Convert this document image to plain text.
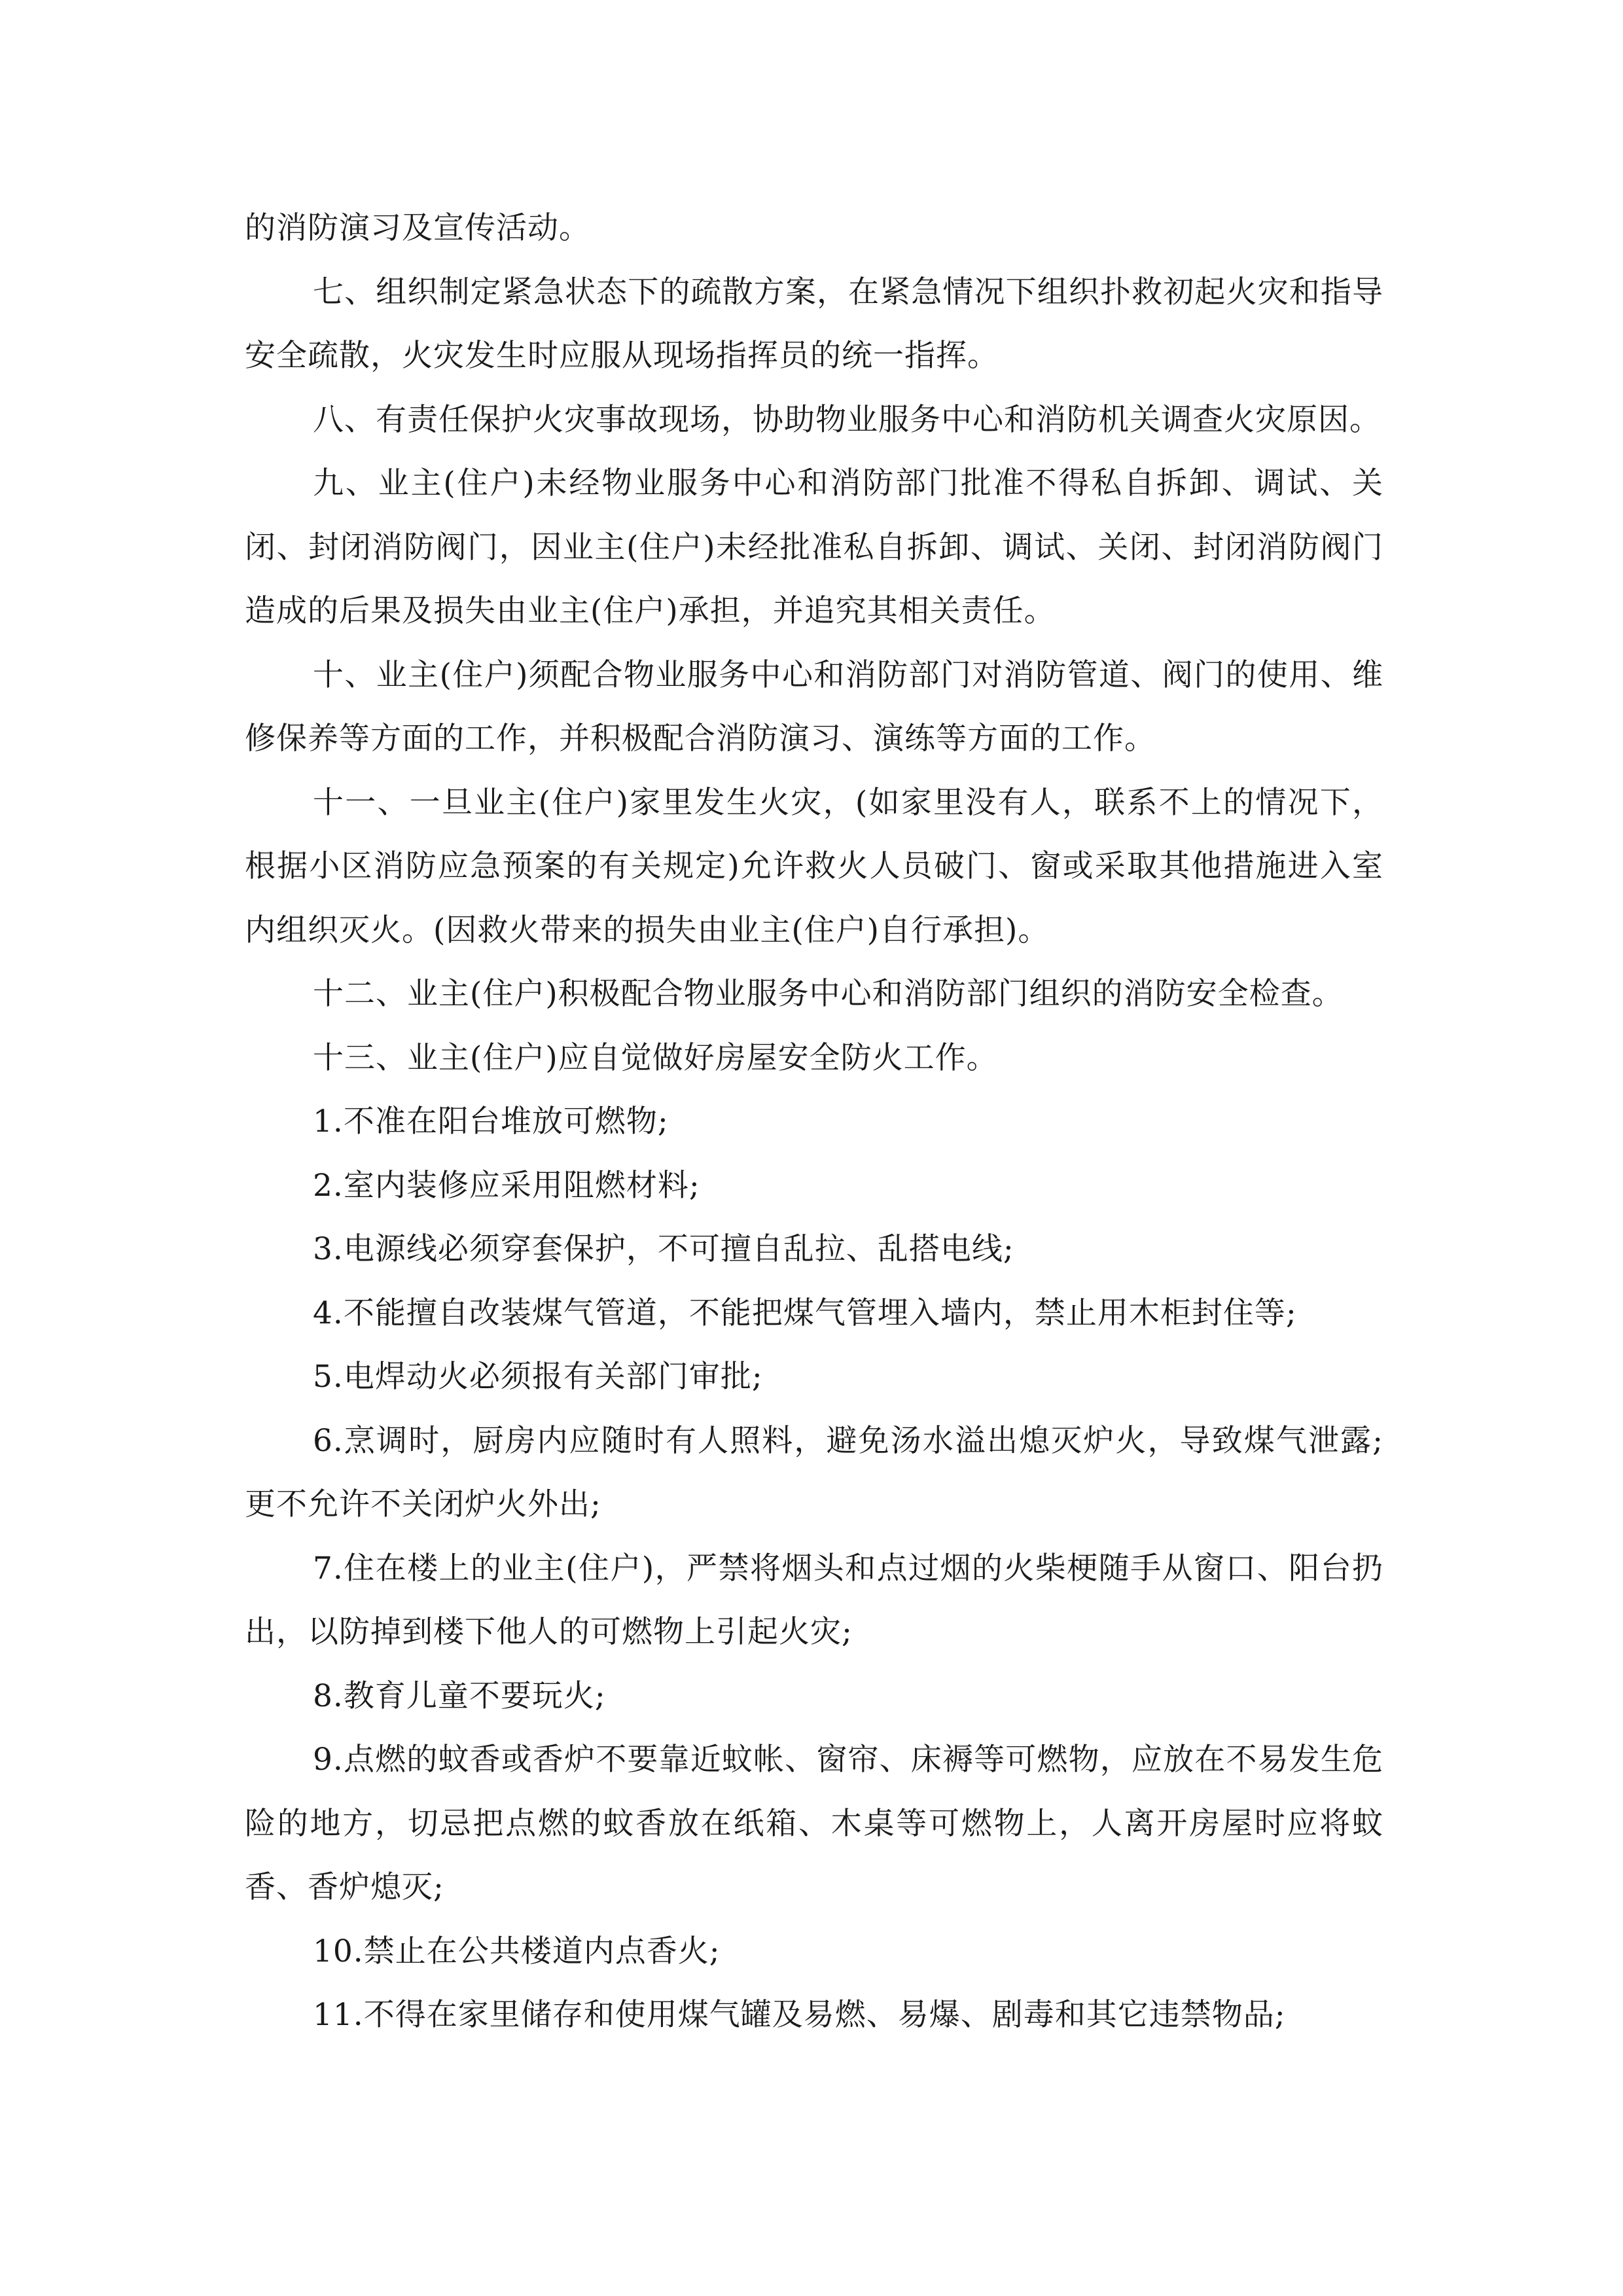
的消防演习及宣传活动。

七、组织制定紧急状态下的疏散方案，在紧急情况下组织扑救初起火灾和指导安全疏散，火灾发生时应服从现场指挥员的统一指挥。

八、有责任保护火灾事故现场，协助物业服务中心和消防机关调查火灾原因。

九、业主(住户)未经物业服务中心和消防部门批准不得私自拆卸、调试、关闭、封闭消防阀门，因业主(住户)未经批准私自拆卸、调试、关闭、封闭消防阀门造成的后果及损失由业主(住户)承担，并追究其相关责任。

十、业主(住户)须配合物业服务中心和消防部门对消防管道、阀门的使用、维修保养等方面的工作，并积极配合消防演习、演练等方面的工作。

十一、一旦业主(住户)家里发生火灾，(如家里没有人，联系不上的情况下，根据小区消防应急预案的有关规定)允许救火人员破门、窗或采取其他措施进入室内组织灭火。(因救火带来的损失由业主(住户)自行承担)。

十二、业主(住户)积极配合物业服务中心和消防部门组织的消防安全检查。

十三、业主(住户)应自觉做好房屋安全防火工作。

1.不准在阳台堆放可燃物;

2.室内装修应采用阻燃材料;

3.电源线必须穿套保护，不可擅自乱拉、乱搭电线;

4.不能擅自改装煤气管道，不能把煤气管埋入墙内，禁止用木柜封住等;

5.电焊动火必须报有关部门审批;

6.烹调时，厨房内应随时有人照料，避免汤水溢出熄灭炉火，导致煤气泄露;更不允许不关闭炉火外出;

7.住在楼上的业主(住户)，严禁将烟头和点过烟的火柴梗随手从窗口、阳台扔出，以防掉到楼下他人的可燃物上引起火灾;

8.教育儿童不要玩火;

9.点燃的蚊香或香炉不要靠近蚊帐、窗帘、床褥等可燃物，应放在不易发生危险的地方，切忌把点燃的蚊香放在纸箱、木桌等可燃物上，人离开房屋时应将蚊香、香炉熄灭;

10.禁止在公共楼道内点香火;

11.不得在家里储存和使用煤气罐及易燃、易爆、剧毒和其它违禁物品;
